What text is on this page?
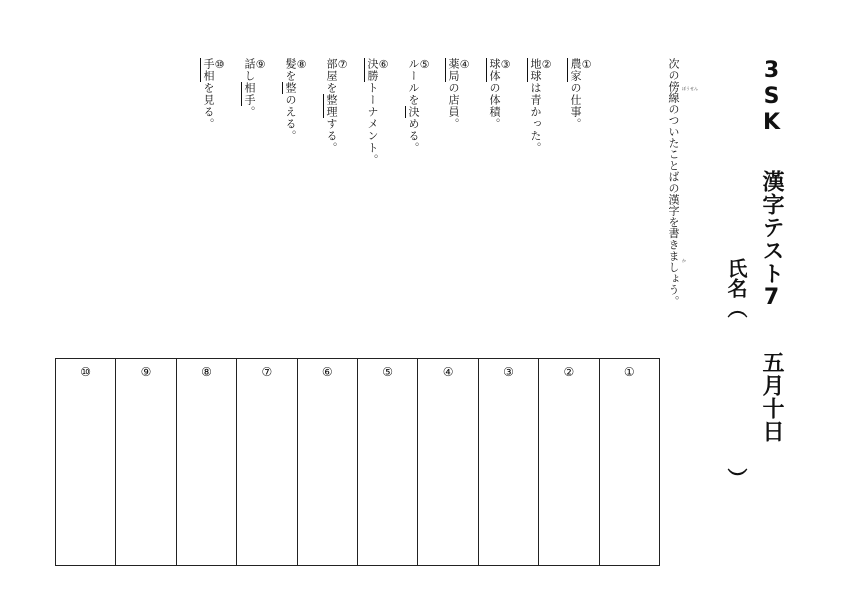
3SK漢字テスト7五月十日
氏名（）
次の傍線のついたことばの漢字を書きましょう。 ぼうせん
か
①
農家の仕事。
②
地球は青かった。
③
球体の体積。
④
薬局の店員。
⑤
ルールを決める。
⑥
決勝トーナメント。
⑦
部屋を整理する。
⑧
髪を整のえる。
⑨
話し相手。
⑩
手相を見る。
①
②
③
④
⑤
⑥
⑦
⑧
⑨
⑩
